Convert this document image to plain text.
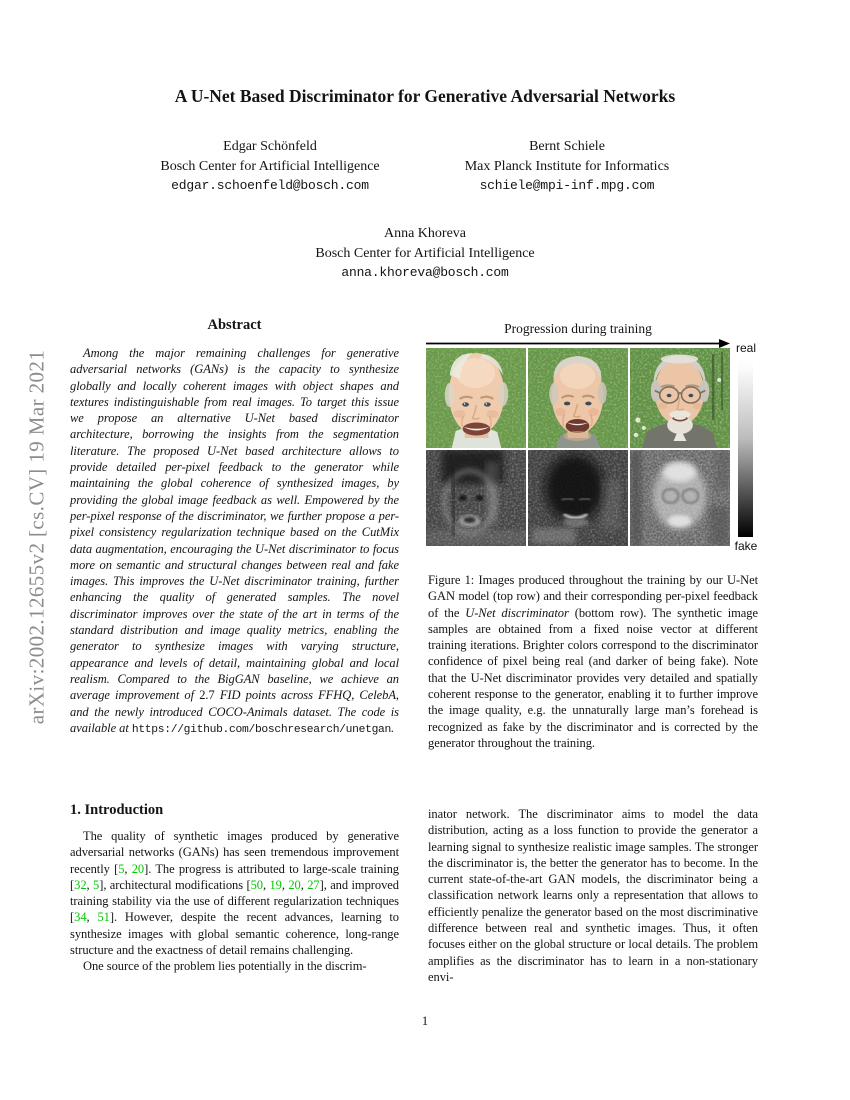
arXiv:2002.12655v2 [cs.CV] 19 Mar 2021
A U-Net Based Discriminator for Generative Adversarial Networks
Edgar Schönfeld
Bosch Center for Artificial Intelligence
edgar.schoenfeld@bosch.com
Bernt Schiele
Max Planck Institute for Informatics
schiele@mpi-inf.mpg.com
Anna Khoreva
Bosch Center for Artificial Intelligence
anna.khoreva@bosch.com
Abstract

Among the major remaining challenges for generative adversarial networks (GANs) is the capacity to synthesize globally and locally coherent images with object shapes and textures indistinguishable from real images. To target this issue we propose an alternative U-Net based discriminator architecture, borrowing the insights from the segmentation literature. The proposed U-Net based architecture allows to provide detailed per-pixel feedback to the generator while maintaining the global coherence of synthesized images, by providing the global image feedback as well. Empowered by the per-pixel response of the discriminator, we further propose a per-pixel consistency regularization technique based on the CutMix data augmentation, encouraging the U-Net discriminator to focus more on semantic and structural changes between real and fake images. This improves the U-Net discriminator training, further enhancing the quality of generated samples. The novel discriminator improves over the state of the art in terms of the standard distribution and image quality metrics, enabling the generator to synthesize images with varying structure, appearance and levels of detail, maintaining global and local realism. Compared to the BigGAN baseline, we achieve an average improvement of 2.7 FID points across FFHQ, CelebA, and the newly introduced COCO-Animals dataset. The code is available at https://github.com/boschresearch/unetgan.

1. Introduction

The quality of synthetic images produced by generative adversarial networks (GANs) has seen tremendous improvement recently [5, 20]. The progress is attributed to large-scale training [32, 5], architectural modifications [50, 19, 20, 27], and improved training stability via the use of different regularization techniques [34, 51]. However, despite the recent advances, learning to synthesize images with global semantic coherence, long-range structure and the exactness of detail remains challenging.

One source of the problem lies potentially in the discrim-

Progression during training
real
fake

Figure 1: Images produced throughout the training by our U-Net GAN model (top row) and their corresponding per-pixel feedback of the U-Net discriminator (bottom row). The synthetic image samples are obtained from a fixed noise vector at different training iterations. Brighter colors correspond to the discriminator confidence of pixel being real (and darker of being fake). Note that the U-Net discriminator provides very detailed and spatially coherent response to the generator, enabling it to further improve the image quality, e.g. the unnaturally large man’s forehead is recognized as fake by the discriminator and is corrected by the generator throughout the training.

inator network. The discriminator aims to model the data distribution, acting as a loss function to provide the generator a learning signal to synthesize realistic image samples. The stronger the discriminator is, the better the generator has to become. In the current state-of-the-art GAN models, the discriminator being a classification network learns only a representation that allows to efficiently penalize the generator based on the most discriminative difference between real and synthetic images. Thus, it often focuses either on the global structure or local details. The problem amplifies as the discriminator has to learn in a non-stationary envi-

1
